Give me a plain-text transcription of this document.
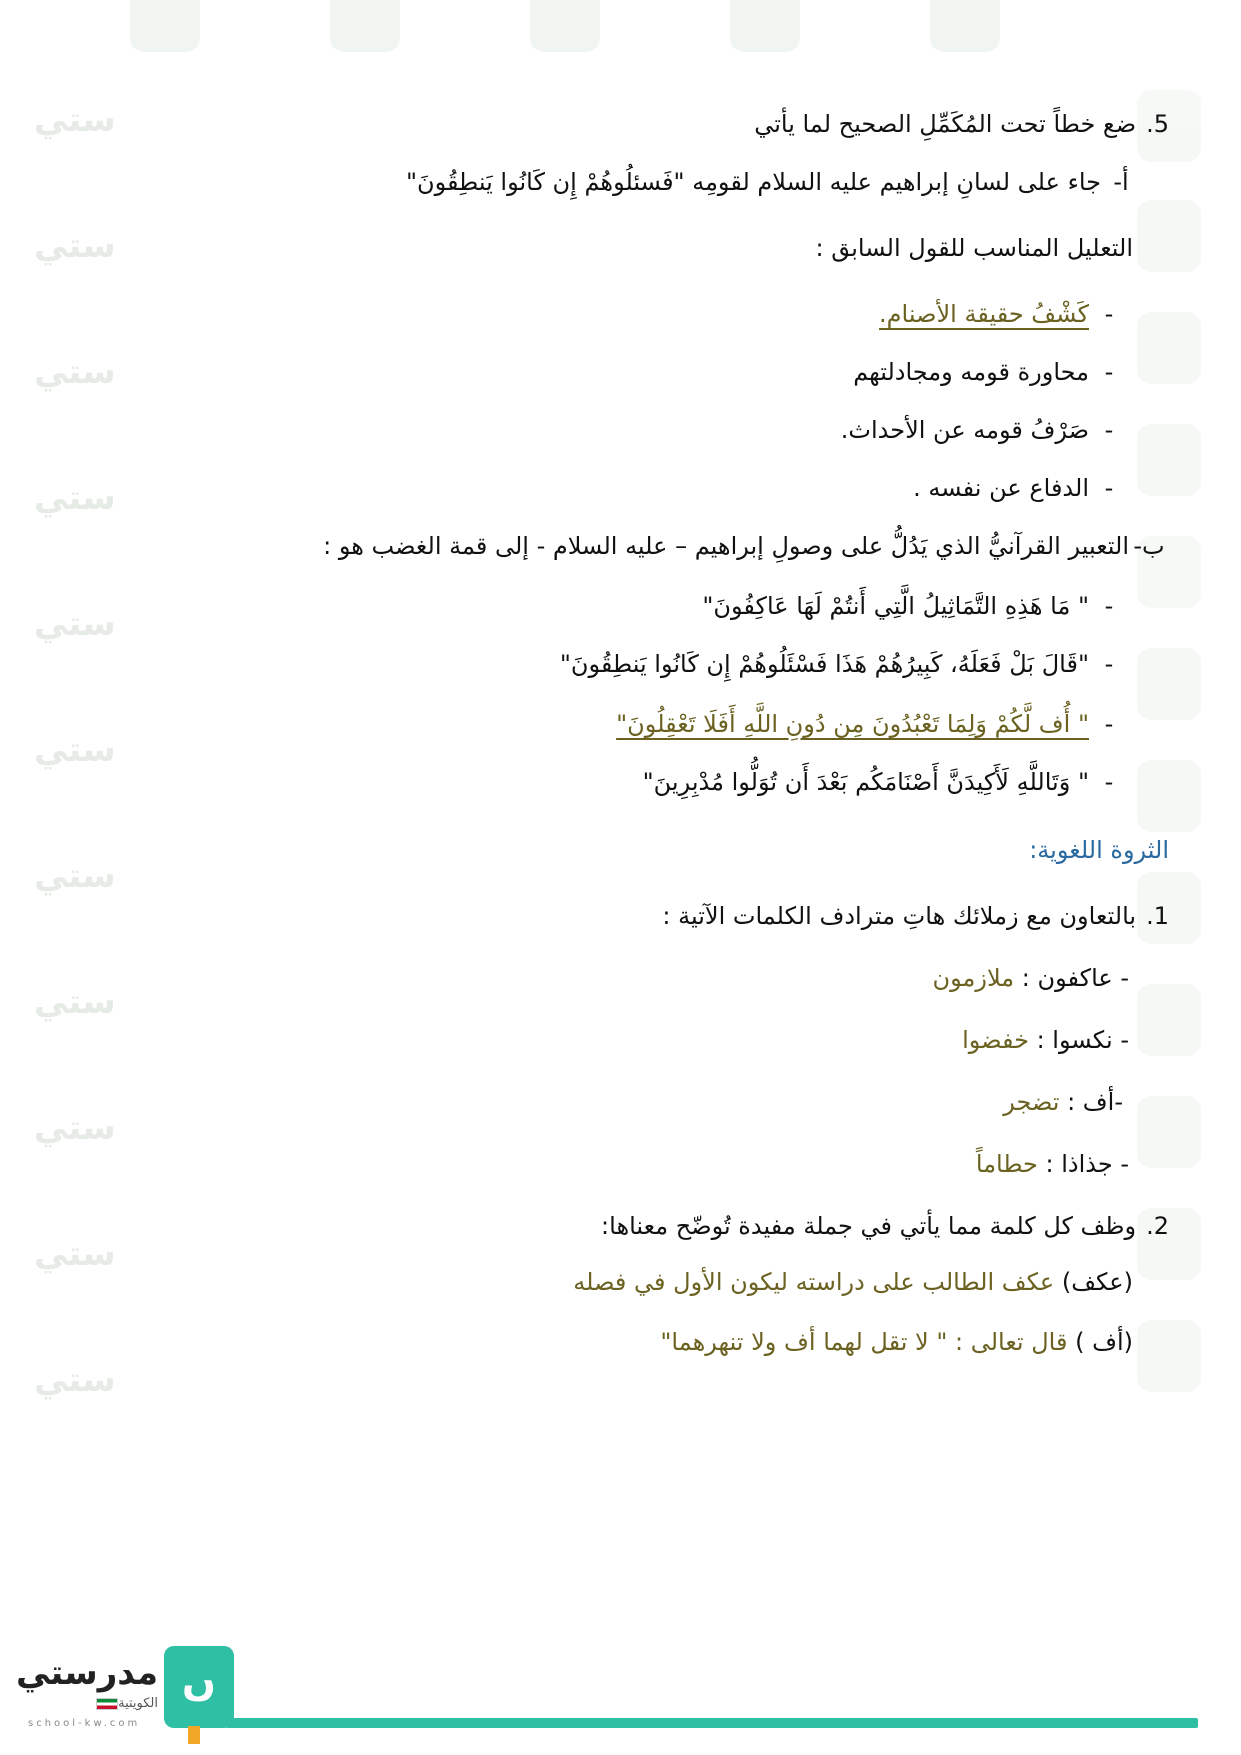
ستي
ستي
ستي
ستي
ستي
ستي
ستي
ستي
ستي
ستي
ستي
5.ضع خطاً تحت المُكَمِّلِ الصحيح لما يأتي
أ-جاء على لسانِ إبراهيم عليه السلام لقومِه "فَسئلُوهُمْ إِن كَانُوا يَنطِقُونَ"
التعليل المناسب للقول السابق :
-كَشْفُ حقيقة الأصنام.
-محاورة قومه ومجادلتهم
-صَرْفُ قومه عن الأحداث.
-الدفاع عن نفسه .
ب-التعبير القرآنيُّ الذي يَدُلُّ على وصولِ إبراهيم – عليه السلام - إلى قمة الغضب هو :
-" مَا هَذِهِ التَّمَاثِيلُ الَّتِي أَنتُمْ لَهَا عَاكِفُونَ"
-"قَالَ بَلْ فَعَلَهُ، كَبِيرُهُمْ هَذَا فَسْئَلُوهُمْ إِن كَانُوا يَنطِقُونَ"
-" أُف لَّكُمْ وَلِمَا تَعْبُدُونَ مِن دُونِ اللَّهِ أَفَلَا تَعْقِلُونَ"
-" وَتَاللَّهِ لَأَكِيدَنَّ أَصْنَامَكُم بَعْدَ أَن تُوَلُّوا مُدْبِرِينَ"
الثروة اللغوية:
1.بالتعاون مع زملائك هاتِ مترادف الكلمات الآتية :
- عاكفون : ملازمون
- نكسوا : خفضوا
-أف : تضجر
- جذاذا : حطاماً
2.وظف كل كلمة مما يأتي في جملة مفيدة تُوضّح معناها:
(عكف) عكف الطالب على دراسته ليكون الأول في فصله
(أف ) قال تعالى : " لا تقل لهما أف ولا تنهرهما"
ں
مدرستي
الكويتية
school-kw.com
